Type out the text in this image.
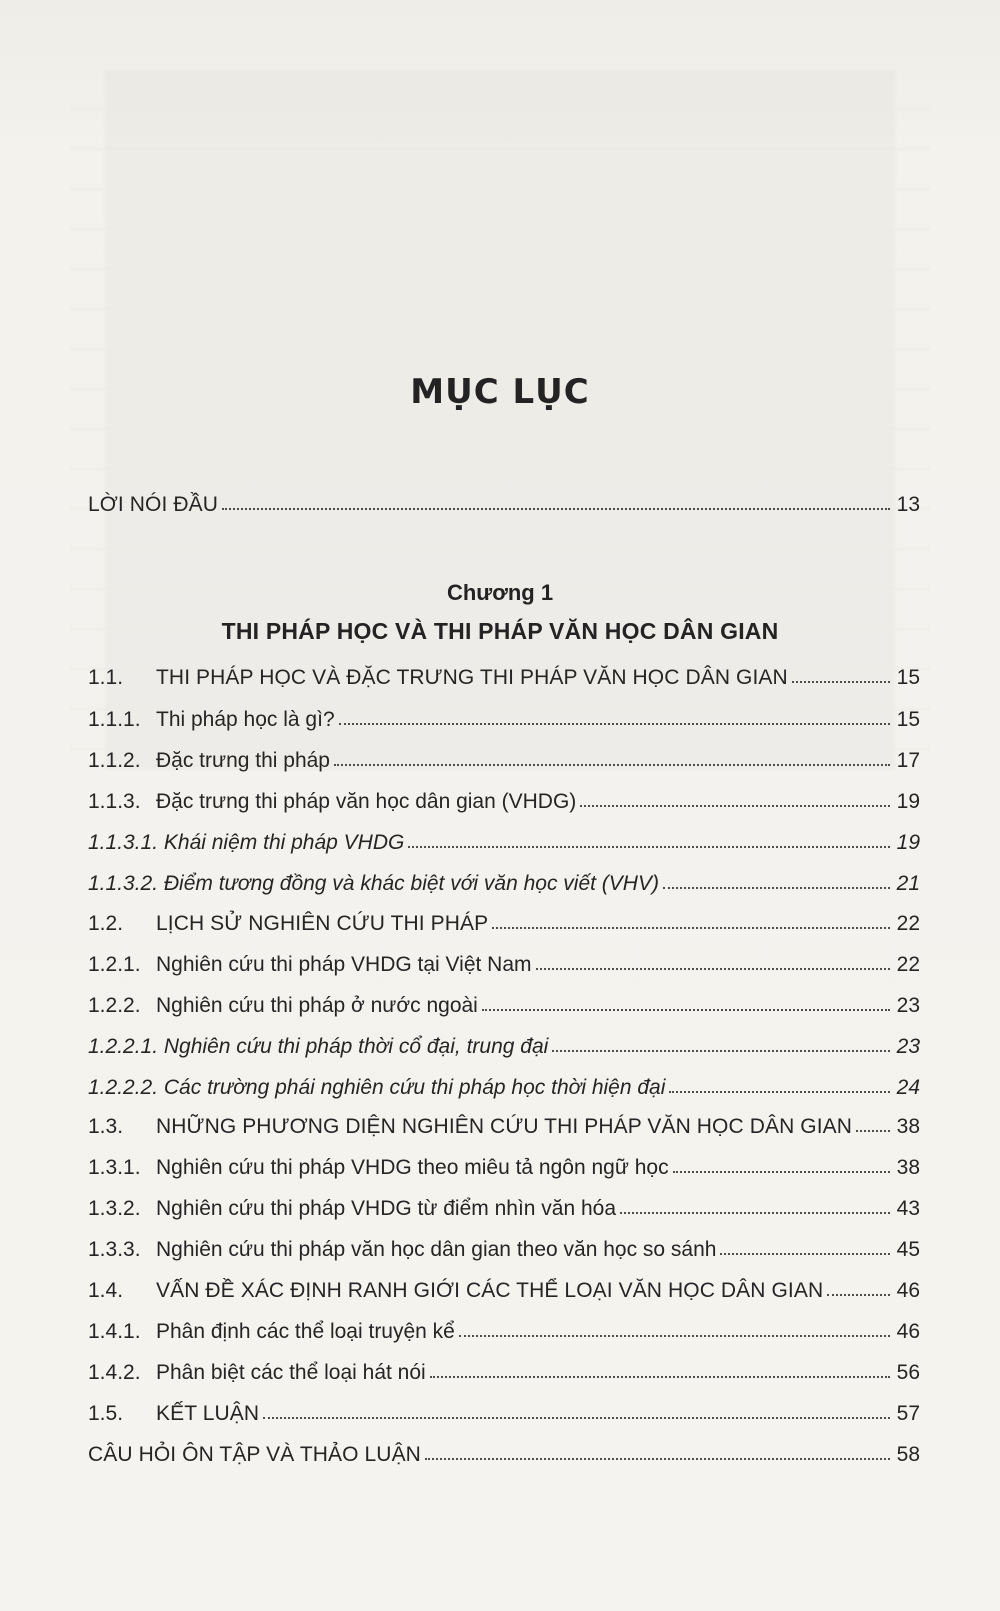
MỤC LỤC
LỜI NÓI ĐẦU	13
Chương 1
THI PHÁP HỌC VÀ THI PHÁP VĂN HỌC DÂN GIAN
1.1.	THI PHÁP HỌC VÀ ĐẶC TRƯNG THI PHÁP VĂN HỌC DÂN GIAN	15
1.1.1. Thi pháp học là gì?	15
1.1.2. Đặc trưng thi pháp	17
1.1.3. Đặc trưng thi pháp văn học dân gian (VHDG)	19
1.1.3.1. Khái niệm thi pháp VHDG	19
1.1.3.2. Điểm tương đồng và khác biệt với văn học viết (VHV)	21
1.2.	LỊCH SỬ NGHIÊN CỨU THI PHÁP	22
1.2.1. Nghiên cứu thi pháp VHDG tại Việt Nam	22
1.2.2. Nghiên cứu thi pháp ở nước ngoài	23
1.2.2.1. Nghiên cứu thi pháp thời cổ đại, trung đại	23
1.2.2.2. Các trường phái nghiên cứu thi pháp học thời hiện đại	24
1.3.	NHỮNG PHƯƠNG DIỆN NGHIÊN CỨU THI PHÁP VĂN HỌC DÂN GIAN 38
1.3.1. Nghiên cứu thi pháp VHDG theo miêu tả ngôn ngữ học	38
1.3.2. Nghiên cứu thi pháp VHDG từ điểm nhìn văn hóa	43
1.3.3. Nghiên cứu thi pháp văn học dân gian theo văn học so sánh	45
1.4.	VẤN ĐỀ XÁC ĐỊNH RANH GIỚI CÁC THỂ LOẠI VĂN HỌC DÂN GIAN	46
1.4.1. Phân định các thể loại truyện kể	46
1.4.2. Phân biệt các thể loại hát nói	56
1.5.	KẾT LUẬN	57
CÂU HỎI ÔN TẬP VÀ THẢO LUẬN	58
